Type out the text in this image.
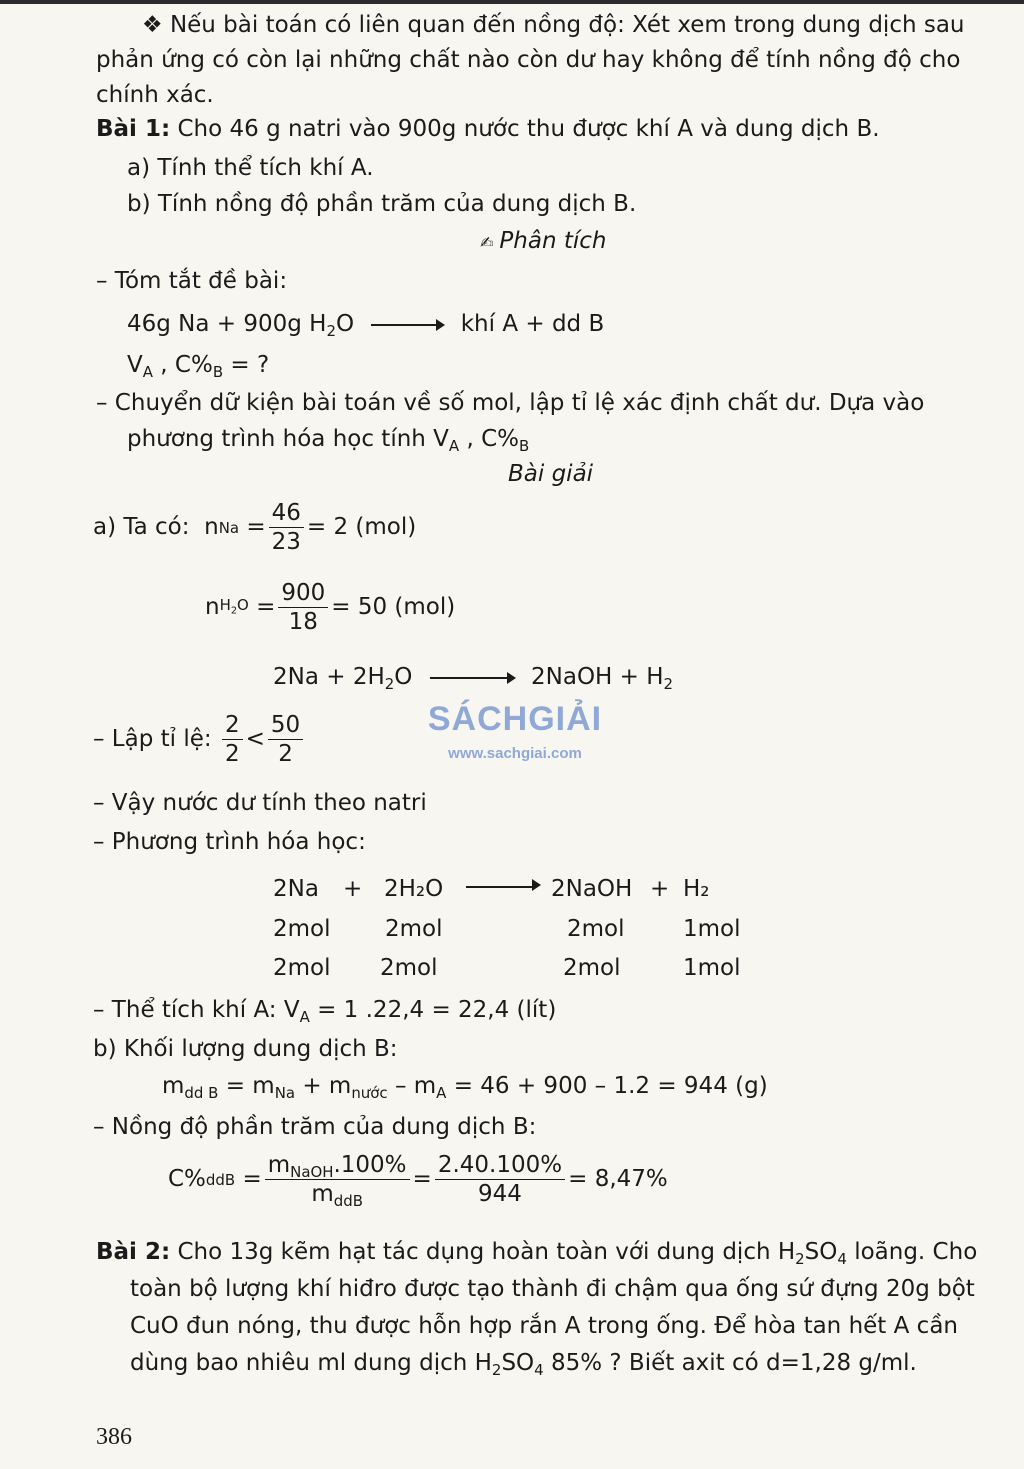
❖ Nếu bài toán có liên quan đến nồng độ: Xét xem trong dung dịch sau
phản ứng có còn lại những chất nào còn dư hay không để tính nồng độ cho
chính xác.
Bài 1: Cho 46 g natri vào 900g nước thu được khí A và dung dịch B.
a) Tính thể tích khí A.
b) Tính nồng độ phần trăm của dung dịch B.
✍ Phân tích
– Tóm tắt đề bài:
46g Na + 900g $H_2O$	khí A + dd B
$V_A$ , $C\%_B$ = ?
– Chuyển dữ kiện bài toán về số mol, lập tỉ lệ xác định chất dư. Dựa vào
phương trình hóa học tính $V_A$ , $C\%_B$
Bài giải
a) Ta có: n $Na = \frac{46}{23} = 2$ (mol)
n $H_2O = \frac{900}{18} = 50$ (mol)
$2Na + 2H_2O$	2NaOH + $H_2$
– Lập tỉ lệ:
$\frac{2}{2} < \frac{50}{2}$
– Vậy nước dư tính theo natri
– Phương trình hóa học:
2Na + 2H₂O	2NaOH + H₂
2mol 2mol	2mol	1mol
2mol 2mol	2mol	1mol
– Thể tích khí A: $V_A = 1$ .22,4 = 22,4 (lít)
b) Khối lượng dung dịch B:
$m_{dd B} = m_{Na} + m_{nước} - m_A = 46 + 900 - 1.2 = 944$ (g)
– Nồng độ phần trăm của dung dịch B:
C% ddB = $\frac{m_{NaOH}.100\%}{m_{ddB}} = \frac{2.40.100\%}{944} = 8,47\%$
SÁCHGIẢI
www.sachgiai.com
Bài 2: Cho 13g kẽm hạt tác dụng hoàn toàn với dung dịch $H_2SO_4$ loãng. Cho
toàn bộ lượng khí hiđro được tạo thành đi chậm qua ống sứ đựng 20g bột
CuO đun nóng, thu được hỗn hợp rắn A trong ống. Để hòa tan hết A cần
dùng bao nhiêu ml dung dịch $H_2SO_4$ 85% ? Biết axit có d=1,28 g/ml.
386
